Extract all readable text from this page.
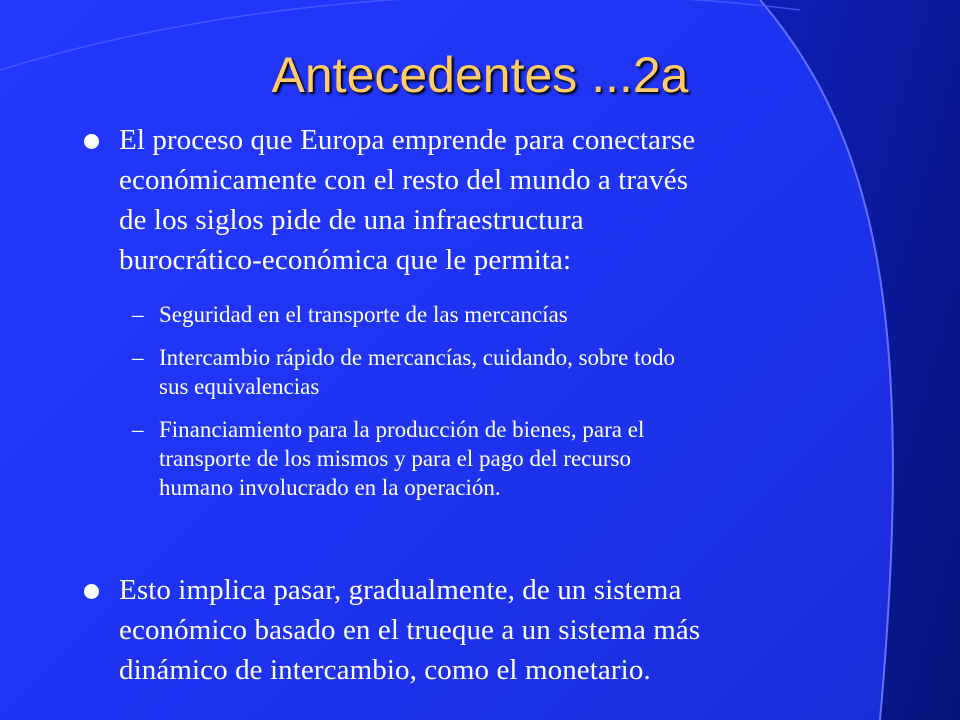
Antecedentes ...2a
El proceso que Europa emprende para conectarse
económicamente con el resto del mundo a través
de los siglos pide de una infraestructura
burocrático-económica que le permita:
– Seguridad en el transporte de las mercancías
– Intercambio rápido de mercancías, cuidando, sobre todo
sus equivalencias
– Financiamiento para la producción de bienes, para el
transporte de los mismos y para el pago del recurso
humano involucrado en la operación.
Esto implica pasar, gradualmente, de un sistema
económico basado en el trueque a un sistema más
dinámico de intercambio, como el monetario.
